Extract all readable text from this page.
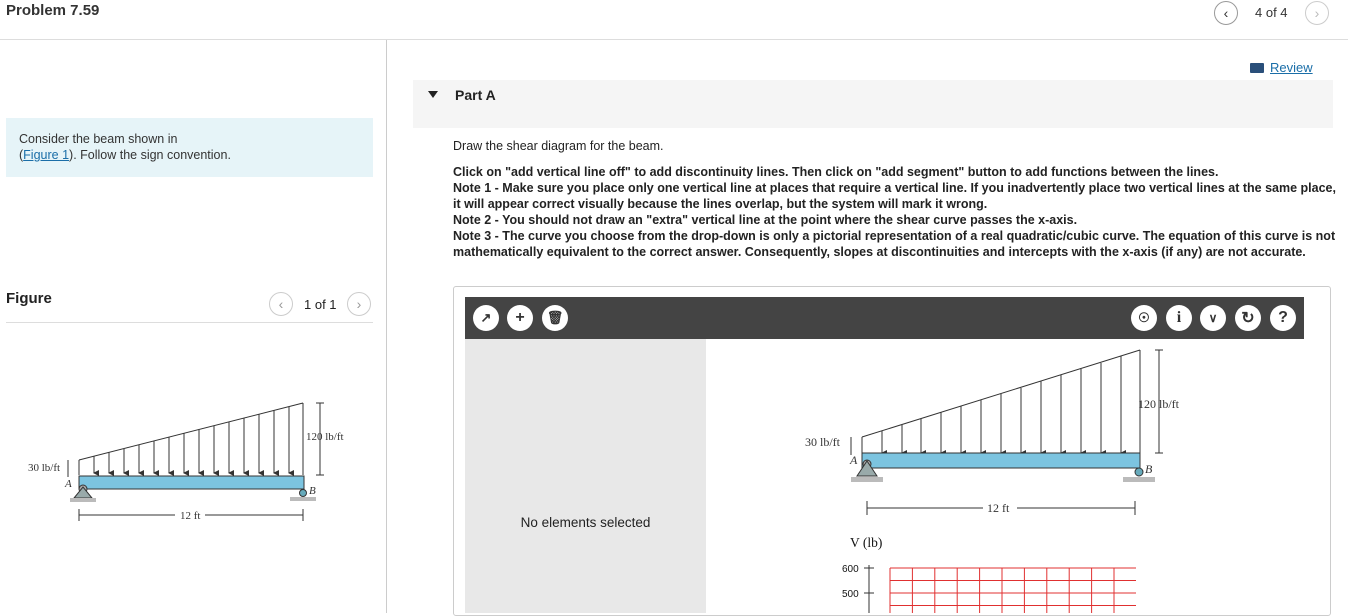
Problem 7.59	‹ 4 of 4 ›
Consider the beam shown in
(Figure 1). Follow the sign convention.
Figure	‹ 1 of 1 ›
120 lb/ft
30 lb/ft
A
B
12 ft
Review
Part A

Draw the shear diagram for the beam.

Click on "add vertical line off" to add discontinuity lines. Then click on "add segment" button to add functions between the lines.

Note 1 - Make sure you place only one vertical line at places that require a vertical line. If you inadvertently place two vertical lines at the same place, it will appear correct visually because the lines overlap, but the system will mark it wrong.

Note 2 - You should not draw an "extra" vertical line at the point where the shear curve passes the x-axis.

Note 3 - The curve you choose from the drop-down is only a pictorial representation of a real quadratic/cubic curve. The equation of this curve is not mathematically equivalent to the correct answer. Consequently, slopes at discontinuities and intercepts with the x-axis (if any) are not accurate.

↗ + 🗑	☉ i ∨ ↻ ?
No elements selected
120 lb/ft
30 lb/ft
A
B
12 ft
V (lb)
600
500
